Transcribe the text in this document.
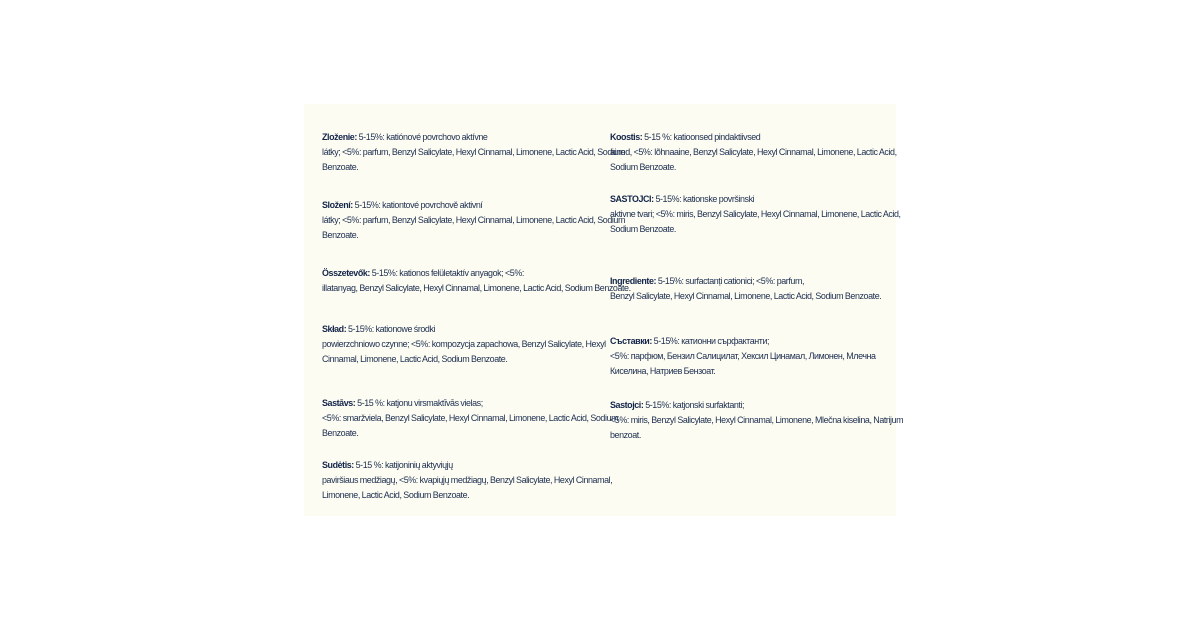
Zloženie: 5-15%: katiónové povrchovo aktívne
látky; <5%: parfum, Benzyl Salicylate, Hexyl Cinnamal, Limonene, Lactic Acid, Sodium
Benzoate.
Složení: 5-15%: kationtové povrchově aktivní
látky; <5%: parfum, Benzyl Salicylate, Hexyl Cinnamal, Limonene, Lactic Acid, Sodium
Benzoate.
Összetevők: 5-15%: kationos felületaktív anyagok; <5%:
illatanyag, Benzyl Salicylate, Hexyl Cinnamal, Limonene, Lactic Acid, Sodium Benzoate.
Skład: 5-15%: kationowe środki
powierzchniowo czynne; <5%: kompozycja zapachowa, Benzyl Salicylate, Hexyl
Cinnamal, Limonene, Lactic Acid, Sodium Benzoate.
Sastāvs: 5-15 %: katjonu virsmaktīvās vielas;
<5%: smaržviela, Benzyl Salicylate, Hexyl Cinnamal, Limonene, Lactic Acid, Sodium
Benzoate.
Sudėtis: 5-15 %: katijoninių aktyviųjų
paviršiaus medžiagų, <5%: kvapiųjų medžiagų, Benzyl Salicylate, Hexyl Cinnamal,
Limonene, Lactic Acid, Sodium Benzoate.
Koostis: 5-15 %: katioonsed pindaktiivsed
ained, <5%: lõhnaaine, Benzyl Salicylate, Hexyl Cinnamal, Limonene, Lactic Acid,
Sodium Benzoate.
SASTOJCI: 5-15%: kationske površinski
aktivne tvari; <5%: miris, Benzyl Salicylate, Hexyl Cinnamal, Limonene, Lactic Acid,
Sodium Benzoate.
Ingrediente: 5-15%: surfactanți cationici; <5%: parfum,
Benzyl Salicylate, Hexyl Cinnamal, Limonene, Lactic Acid, Sodium Benzoate.
Съставки: 5-15%: катионни сърфактанти;
<5%: парфюм, Бензил Салицилат, Хексил Цинамал, Лимонен, Млечна
Киселина, Натриев Бензоат.
Sastojci: 5-15%: katjonski surfaktanti;
<5%: miris, Benzyl Salicylate, Hexyl Cinnamal, Limonene, Mlečna kiselina, Natrijum
benzoat.
